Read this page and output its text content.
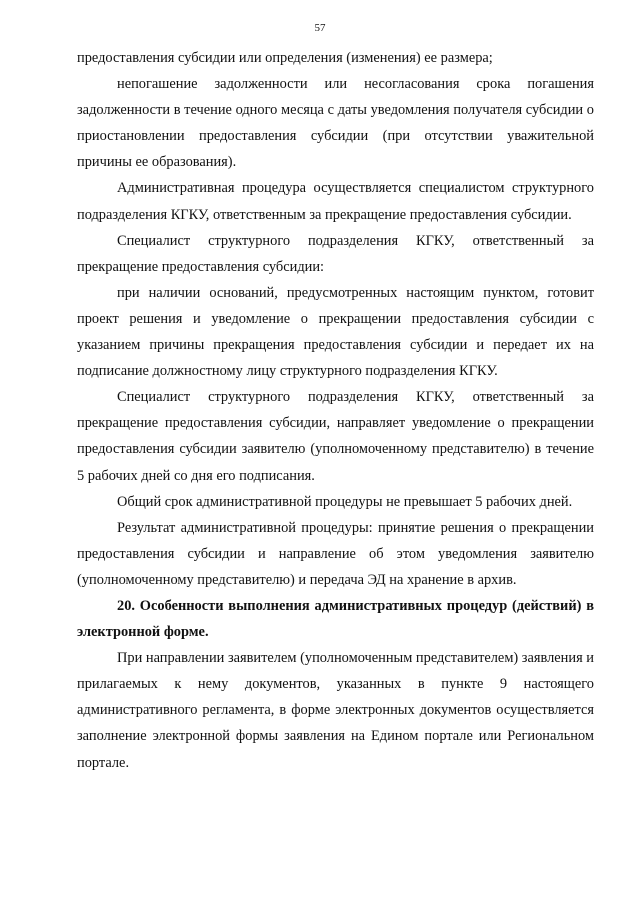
57

предоставления субсидии или определения (изменения) ее размера;

непогашение задолженности или несогласования срока погашения задолженности в течение одного месяца с даты уведомления получателя субсидии о приостановлении предоставления субсидии (при отсутствии уважительной причины ее образования).

Административная процедура осуществляется специалистом структурного подразделения КГКУ, ответственным за прекращение предоставления субсидии.

Специалист структурного подразделения КГКУ, ответственный за прекращение предоставления субсидии:

при наличии оснований, предусмотренных настоящим пунктом, готовит проект решения и уведомление о прекращении предоставления субсидии с указанием причины прекращения предоставления субсидии и передает их на подписание должностному лицу структурного подразделения КГКУ.

Специалист структурного подразделения КГКУ, ответственный за прекращение предоставления субсидии, направляет уведомление о прекращении предоставления субсидии заявителю (уполномоченному представителю) в течение 5 рабочих дней со дня его подписания.

Общий срок административной процедуры не превышает 5 рабочих дней.

Результат административной процедуры: принятие решения о прекращении предоставления субсидии и направление об этом уведомления заявителю (уполномоченному представителю) и передача ЭД на хранение в архив.

20. Особенности выполнения административных процедур (действий) в электронной форме.

При направлении заявителем (уполномоченным представителем) заявления и прилагаемых к нему документов, указанных в пункте 9 настоящего административного регламента, в форме электронных документов осуществляется заполнение электронной формы заявления на Едином портале или Региональном портале.
